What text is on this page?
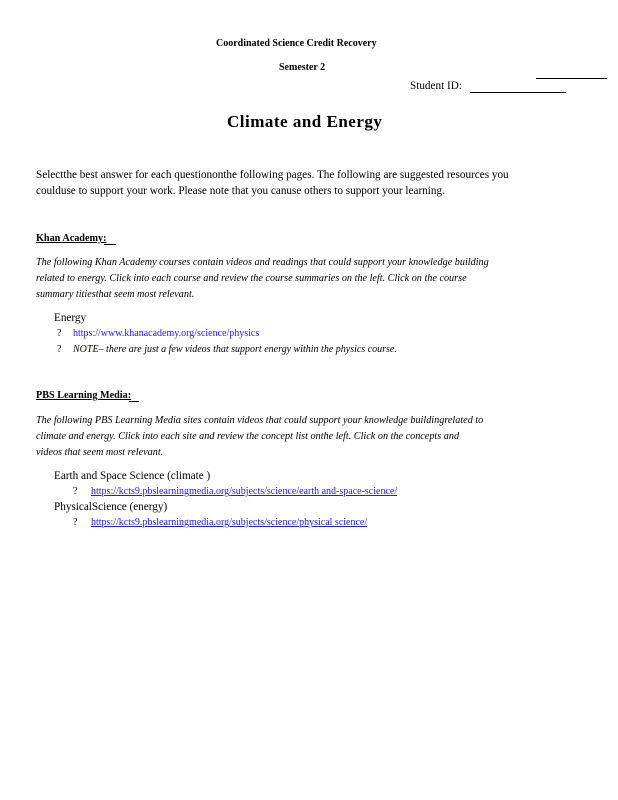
Coordinated Science Credit Recovery
Semester 2
Student ID:
Climate and Energy
Selectthe best answer for each questiononthe following pages. The following are suggested resources you
coulduse to support your work. Please note that you canuse others to support your learning.
Khan Academy:
The following Khan Academy courses contain videos and readings that could support your knowledge building
related to energy. Click into each course and review the course summaries on the left. Click on the course
summary titiesthat seem most relevant.
Energy
? https://www.khanacademy.org/science/physics
? NOTE– there are just a few videos that support energy within the physics course.
PBS Learning Media:
The following PBS Learning Media sites contain videos that could support your knowledge buildingrelated to
climate and energy. Click into each site and review the concept list onthe left. Click on the concepts and
videos that seem most relevant.
Earth and Space Science (climate )
? https://kcts9.pbslearningmedia.org/subjects/science/earth and-space-science/
PhysicalScience (energy)
? https://kcts9.pbslearningmedia.org/subjects/science/physical science/
